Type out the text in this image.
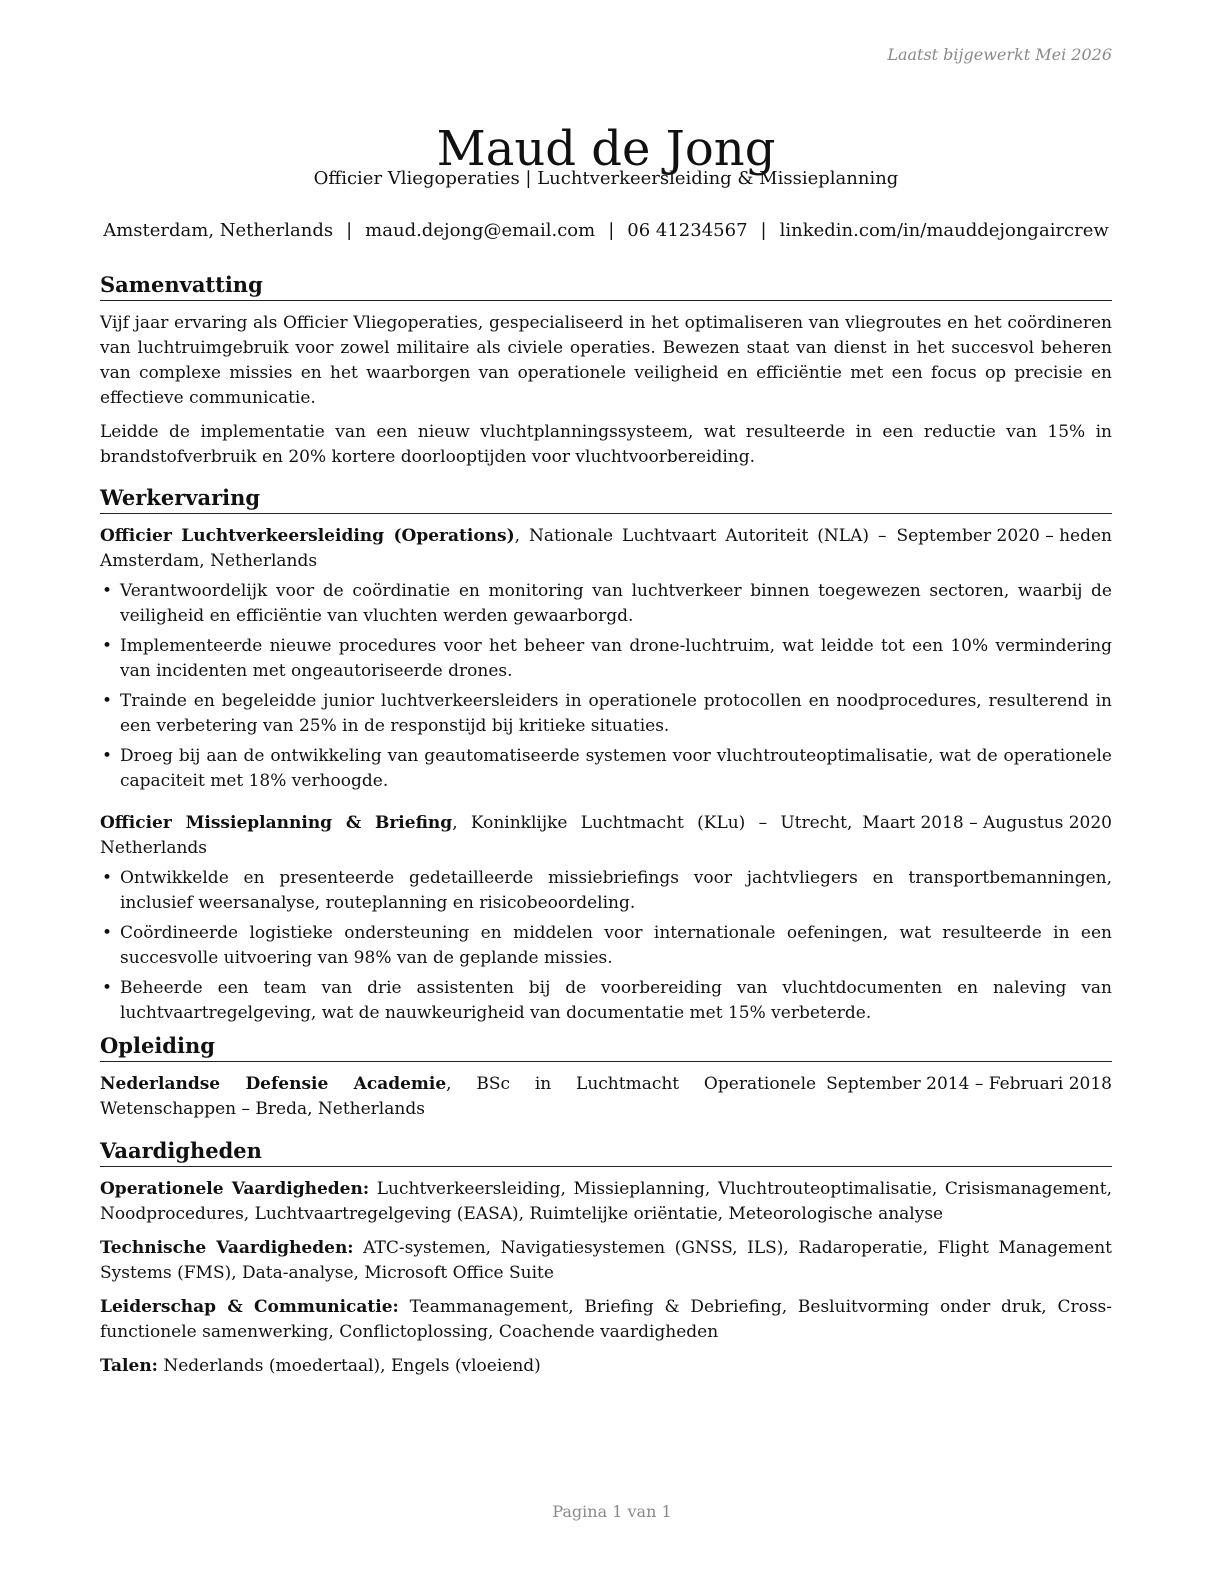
Laatst bijgewerkt Mei 2026
Maud de Jong
Officier Vliegoperaties | Luchtverkeersleiding & Missieplanning
Amsterdam, Netherlands | maud.dejong@email.com | 06 41234567 | linkedin.com/in/mauddejongaircrew
Samenvatting

Vijf jaar ervaring als Officier Vliegoperaties, gespecialiseerd in het optimaliseren van vliegroutes en het coördineren van luchtruimgebruik voor zowel militaire als civiele operaties. Bewezen staat van dienst in het succesvol beheren van complexe missies en het waarborgen van operationele veiligheid en efficiëntie met een focus op precisie en effectieve communicatie.

Leidde de implementatie van een nieuw vluchtplanningssysteem, wat resulteerde in een reductie van 15% in brandstofverbruik en 20% kortere doorlooptijden voor vluchtvoorbereiding.

Werkervaring
September 2020 – heden
Officier Luchtverkeersleiding (Operations), Nationale Luchtvaart Autoriteit (NLA) – Amsterdam, Netherlands
• Verantwoordelijk voor de coördinatie en monitoring van luchtverkeer binnen toegewezen sectoren, waarbij de veiligheid en efficiëntie van vluchten werden gewaarborgd.
• Implementeerde nieuwe procedures voor het beheer van drone-luchtruim, wat leidde tot een 10% vermindering van incidenten met ongeautoriseerde drones.
• Trainde en begeleidde junior luchtverkeersleiders in operationele protocollen en noodprocedures, resulterend in een verbetering van 25% in de responstijd bij kritieke situaties.
• Droeg bij aan de ontwikkeling van geautomatiseerde systemen voor vluchtrouteoptimalisatie, wat de operationele capaciteit met 18% verhoogde.
Maart 2018 – Augustus 2020
Officier Missieplanning & Briefing, Koninklijke Luchtmacht (KLu) – Utrecht, Netherlands
• Ontwikkelde en presenteerde gedetailleerde missiebriefings voor jachtvliegers en transportbemanningen, inclusief weersanalyse, routeplanning en risicobeoordeling.
• Coördineerde logistieke ondersteuning en middelen voor internationale oefeningen, wat resulteerde in een succesvolle uitvoering van 98% van de geplande missies.
• Beheerde een team van drie assistenten bij de voorbereiding van vluchtdocumenten en naleving van luchtvaartregelgeving, wat de nauwkeurigheid van documentatie met 15% verbeterde.
Opleiding
September 2014 – Februari 2018
Nederlandse Defensie Academie, BSc in Luchtmacht Operationele Wetenschappen – Breda, Netherlands
Vaardigheden

Operationele Vaardigheden: Luchtverkeersleiding, Missieplanning, Vluchtrouteoptimalisatie, Crisismanagement, Noodprocedures, Luchtvaartregelgeving (EASA), Ruimtelijke oriëntatie, Meteorologische analyse

Technische Vaardigheden: ATC-systemen, Navigatiesystemen (GNSS, ILS), Radaroperatie, Flight Management Systems (FMS), Data-analyse, Microsoft Office Suite

Leiderschap & Communicatie: Teammanagement, Briefing & Debriefing, Besluitvorming onder druk, Cross-functionele samenwerking, Conflictoplossing, Coachende vaardigheden

Talen: Nederlands (moedertaal), Engels (vloeiend)

Pagina 1 van 1
